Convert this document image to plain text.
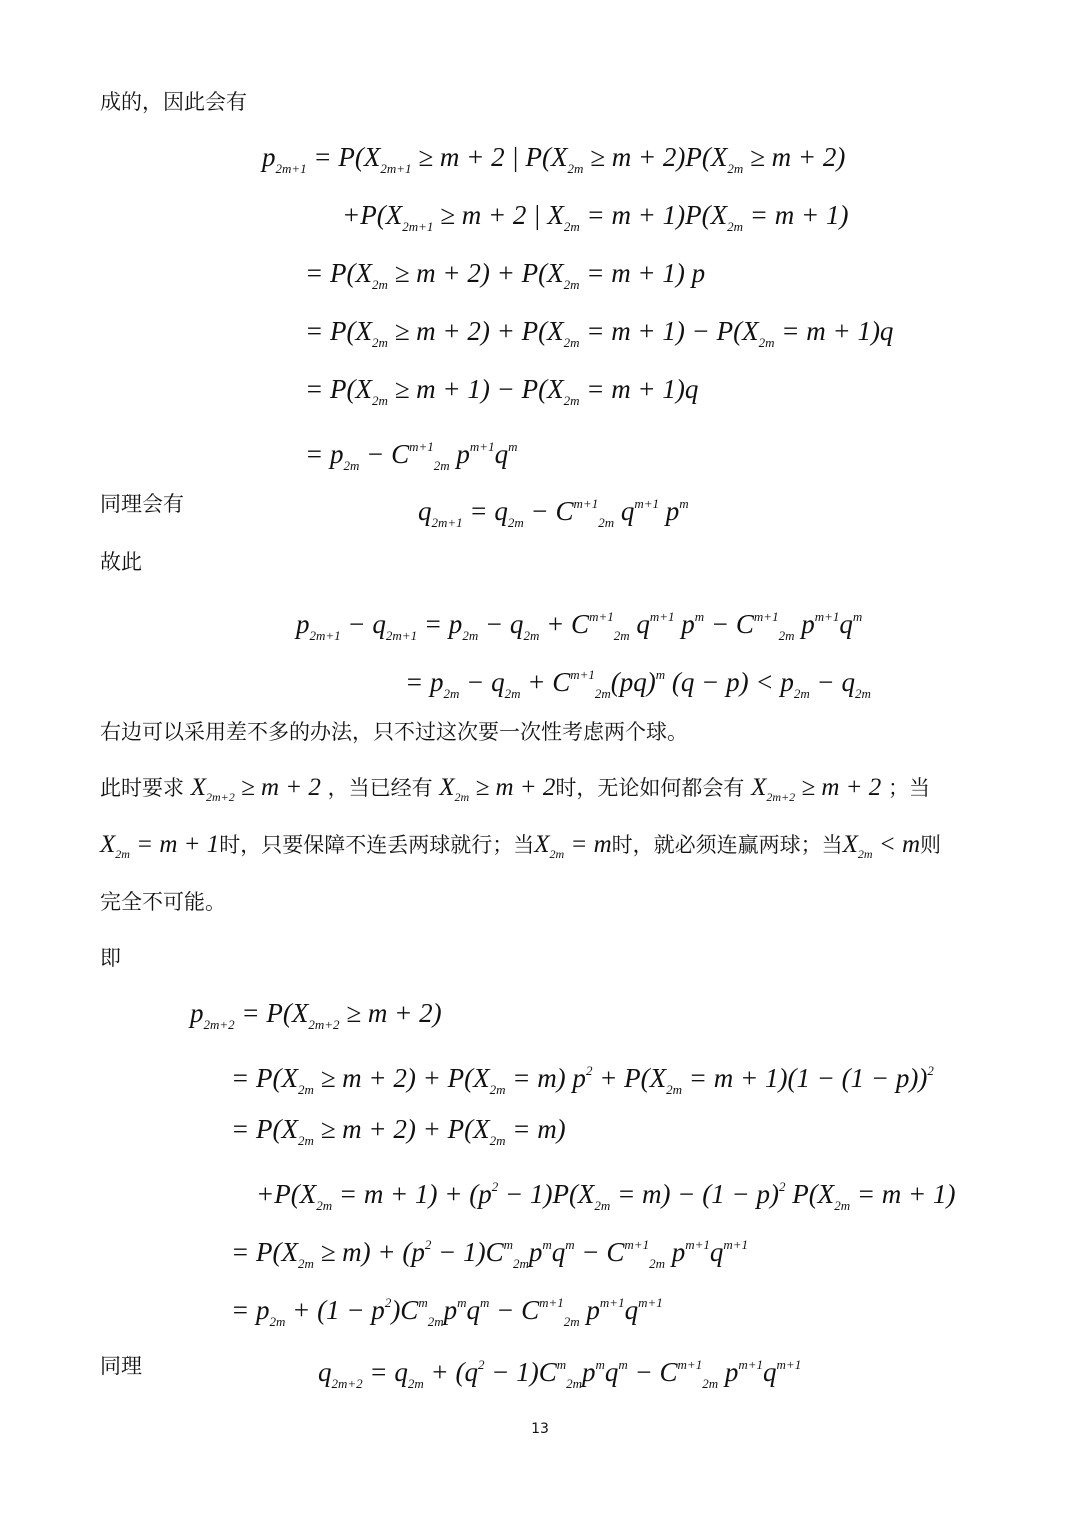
成的，因此会有
$p_{2m+1} = P(X_{2m+1} \ge m + 2$ | $P(X_{2m} \ge m + 2)P(X_{2m} \ge m + 2)$
$+P(X_{2m+1} \ge m + 2$ | $X_{2m} = m + 1)P(X_{2m} = m + 1)$
= $P(X_{2m} \ge m + 2) + P(X_{2m} = m + 1)$ p
= $P(X_{2m} \ge m + 2) + P(X_{2m} = m + 1) - P(X_{2m} = m + 1)q$
= $P(X_{2m} \ge m + 1) - P(X_{2m} = m + 1)q$
= $p_{2m} - C^{m+1}_{2m}$ $p^{m+1}q^m$
同理会有	$q_{2m+1} = q_{2m} - C^{m+1}_{2m}$ $q^{m+1}$ $p^m$
故此
$p_{2m+1} - q_{2m+1} = p_{2m} - q_{2m} + C^{m+1}_{2m}$ $q^{m+1}$ $p^m - C^{m+1}_{2m}$ $p^{m+1}q^m$
= $p_{2m} - q_{2m} + C^{m+1}_{2m}(pq)^m$ $(q - p) < p_{2m} - q_{2m}$
右边可以采用差不多的办法，只不过这次要一次性考虑两个球。
此时要求 $X_{2m+2} \ge m + 2$ ，当已经有 $X_{2m} \ge m + 2$时，无论如何都会有 $X_{2m+2} \ge m + 2$ ；当
$X_{2m} = m + 1$时，只要保障不连丢两球就行；当$X_{2m} = m$时，就必须连赢两球；当$X_{2m} < m$则
完全不可能。
即
$p_{2m+2} = P(X_{2m+2} \ge m + 2)$
= $P(X_{2m} \ge m + 2) + P(X_{2m} = m) p^2 + P(X_{2m} = m + 1)(1 - (1 - p))^2$
= $P(X_{2m} \ge m + 2) + P(X_{2m} = m)$
$+P(X_{2m} = m + 1) + (p^2 - 1)P(X_{2m} = m) - (1 - p)^2$ $P(X_{2m} = m + 1)$
= $P(X_{2m} \ge m) + (p^2 - 1)C^m_{2m}p^mq^m - C^{m+1}_{2m}$ $p^{m+1}q^{m+1}$
= $p_{2m} + (1 - p^2)C^m_{2m}p^mq^m - C^{m+1}_{2m}$ $p^{m+1}q^{m+1}$
同理	$q_{2m+2} = q_{2m} + (q^2 - 1)C^m_{2m}p^mq^m - C^{m+1}_{2m}$ $p^{m+1}q^{m+1}$
13
